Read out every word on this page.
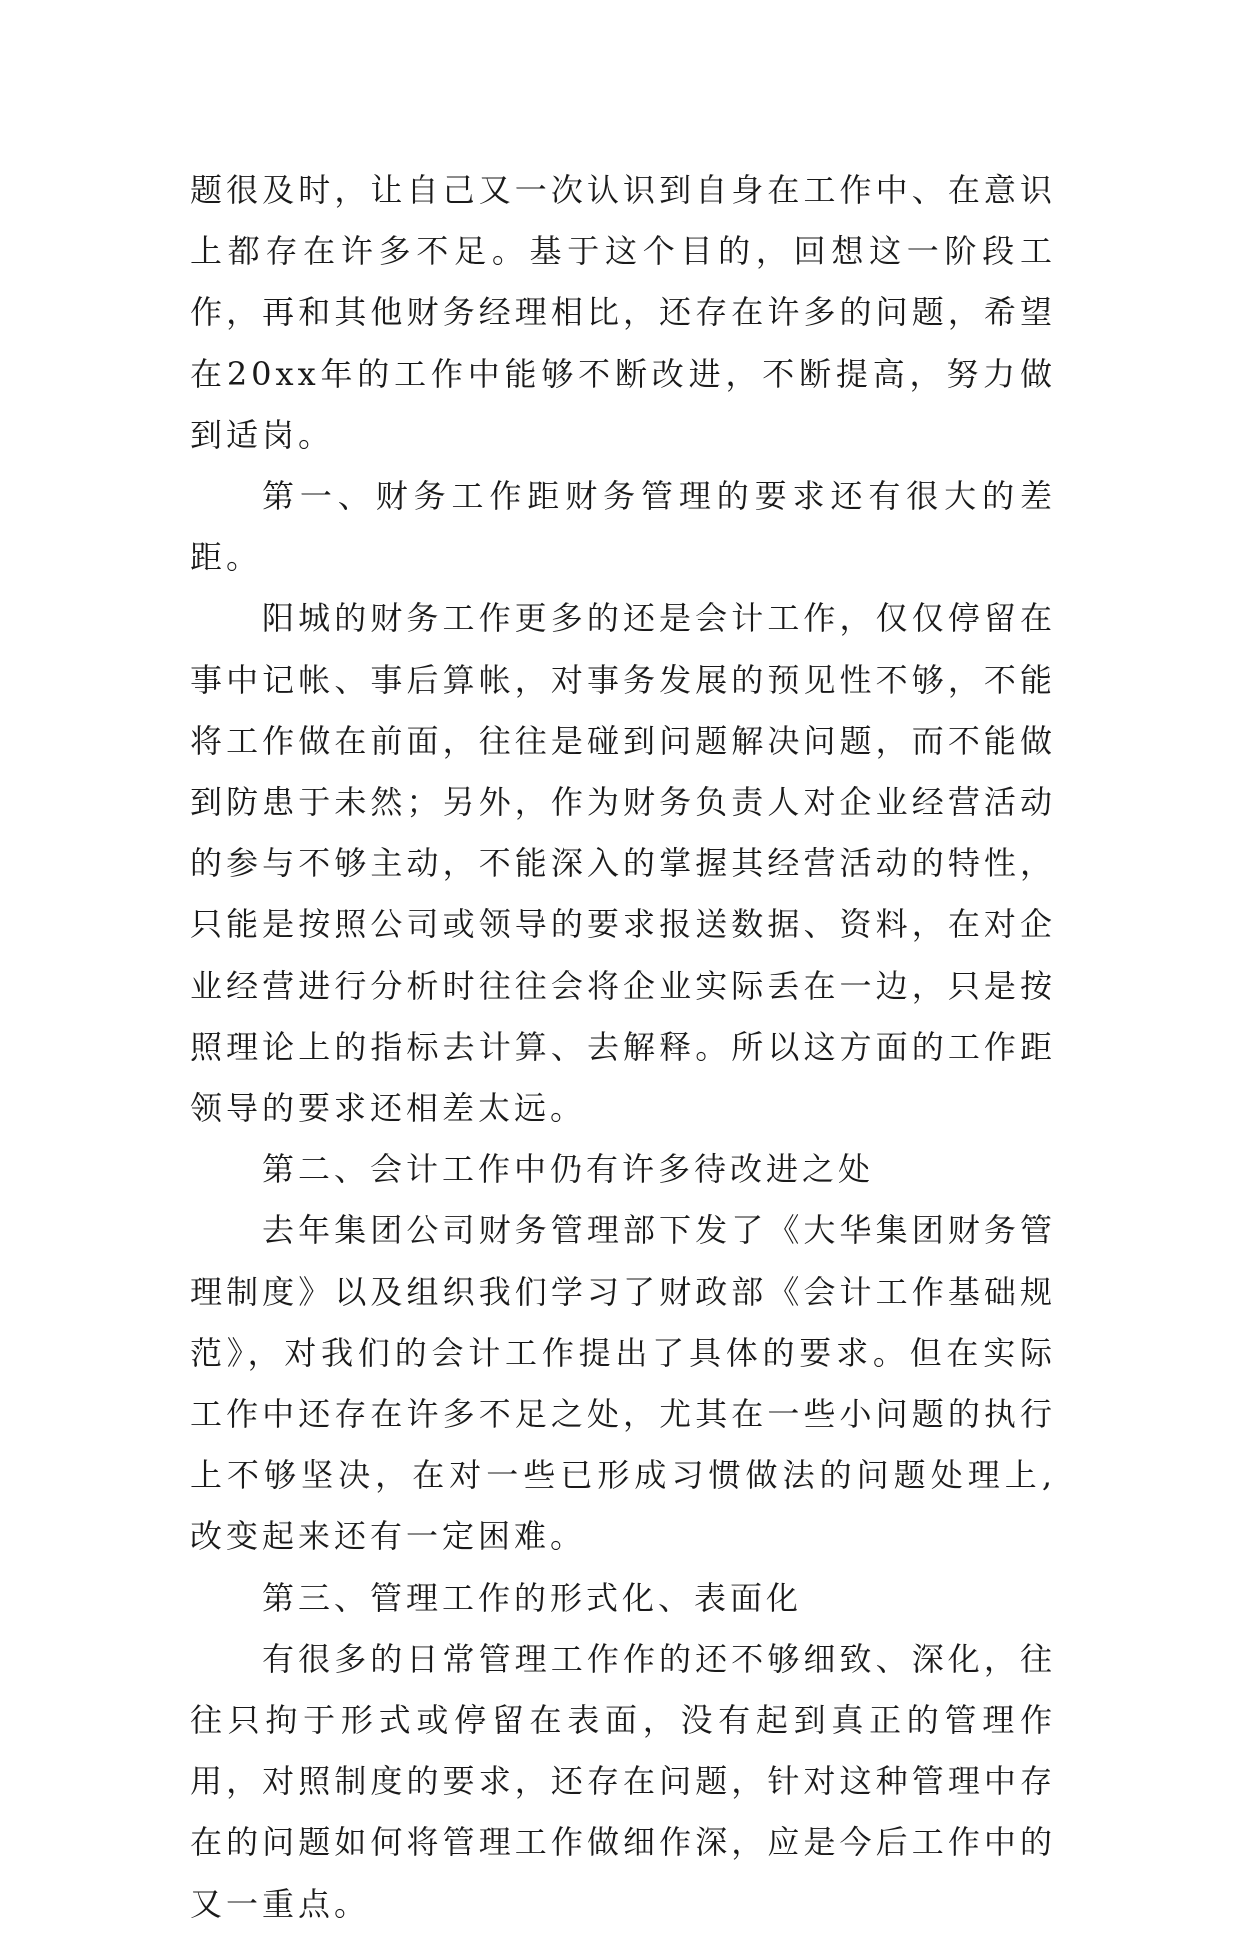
题很及时，让自己又一次认识到自身在工作中、在意识上都存在许多不足。基于这个目的，回想这一阶段工作，再和其他财务经理相比，还存在许多的问题，希望在20xx年的工作中能够不断改进，不断提高，努力做到适岗。

第一、财务工作距财务管理的要求还有很大的差距。

阳城的财务工作更多的还是会计工作，仅仅停留在事中记帐、事后算帐，对事务发展的预见性不够，不能将工作做在前面，往往是碰到问题解决问题，而不能做到防患于未然；另外，作为财务负责人对企业经营活动的参与不够主动，不能深入的掌握其经营活动的特性，只能是按照公司或领导的要求报送数据、资料，在对企业经营进行分析时往往会将企业实际丢在一边，只是按照理论上的指标去计算、去解释。所以这方面的工作距领导的要求还相差太远。

第二、会计工作中仍有许多待改进之处

去年集团公司财务管理部下发了《大华集团财务管理制度》以及组织我们学习了财政部《会计工作基础规范》，对我们的会计工作提出了具体的要求。但在实际工作中还存在许多不足之处，尤其在一些小问题的执行上不够坚决，在对一些已形成习惯做法的问题处理上,改变起来还有一定困难。

第三、管理工作的形式化、表面化

有很多的日常管理工作作的还不够细致、深化，往往只拘于形式或停留在表面，没有起到真正的管理作用，对照制度的要求，还存在问题，针对这种管理中存在的问题如何将管理工作做细作深，应是今后工作中的又一重点。
